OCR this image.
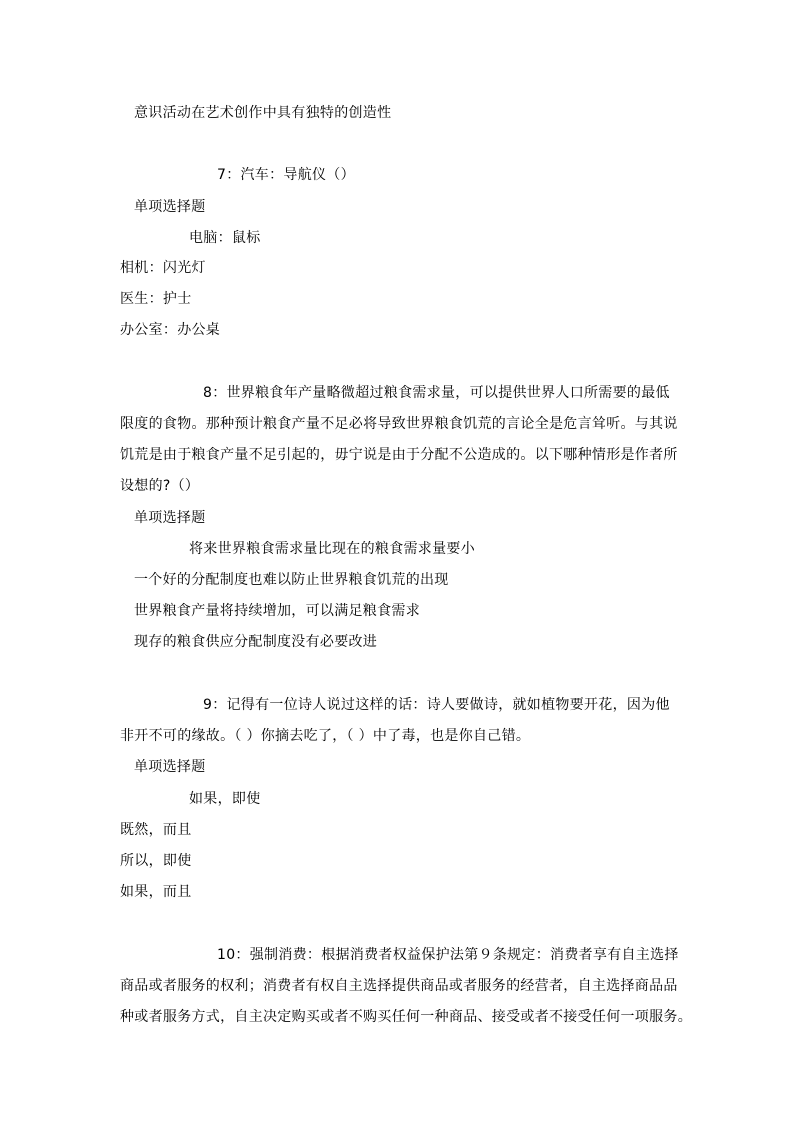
意识活动在艺术创作中具有独特的创造性
7：汽车：导航仪（）
单项选择题
电脑：鼠标
相机：闪光灯
医生：护士
办公室：办公桌
8：世界粮食年产量略微超过粮食需求量，可以提供世界人口所需要的最低
限度的食物。那种预计粮食产量不足必将导致世界粮食饥荒的言论全是危言耸听。与其说
饥荒是由于粮食产量不足引起的，毋宁说是由于分配不公造成的。以下哪种情形是作者所
设想的?（）
单项选择题
将来世界粮食需求量比现在的粮食需求量要小
一个好的分配制度也难以防止世界粮食饥荒的出现
世界粮食产量将持续增加，可以满足粮食需求
现存的粮食供应分配制度没有必要改进
9：记得有一位诗人说过这样的话：诗人要做诗，就如植物要开花，因为他
非开不可的缘故。（ ）你摘去吃了，（ ）中了毒，也是你自己错。
单项选择题
如果，即使
既然，而且
所以，即使
如果，而且
10：强制消费：根据消费者权益保护法第９条规定：消费者享有自主选择
商品或者服务的权利；消费者有权自主选择提供商品或者服务的经营者，自主选择商品品
种或者服务方式，自主决定购买或者不购买任何一种商品、接受或者不接受任何一项服务。
